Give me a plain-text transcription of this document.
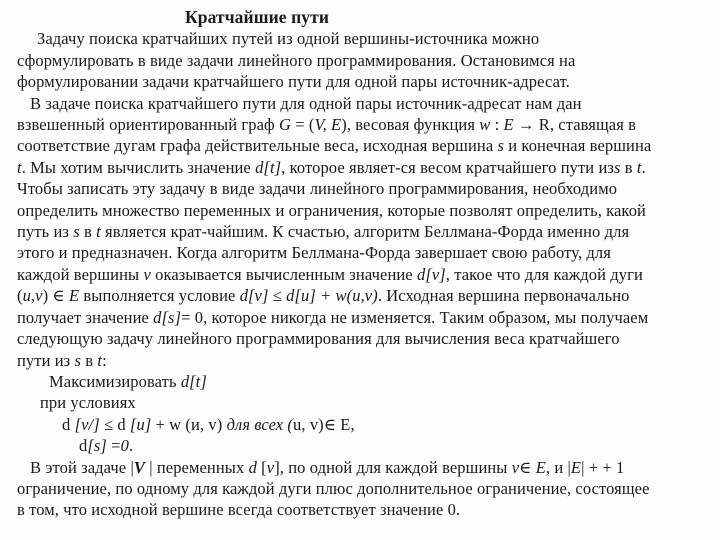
Кратчайшие пути
Задачу поиска кратчайших путей из одной вершины-источника можно
сформулировать в виде задачи линейного программирования. Остановимся на
формулировании задачи кратчайшего пути для одной пары источник-адресат.
В задаче поиска кратчайшего пути для одной пары источник-адресат нам дан
взвешенный ориентированный граф G = (V, E), весовая функция w : E → R, ставящая в
соответствие дугам графа действительные веса, исходная вершина s и конечная вершина
t. Мы хотим вычислить значение d[t], которое являет-ся весом кратчайшего пути изs в t.
Чтобы записать эту задачу в виде задачи линейного программирования, необходимо
определить множество переменных и ограничения, которые позволят определить, какой
путь из s в t является крат-чайшим. К счастью, алгоритм Беллмана-Форда именно для
этого и предназначен. Когда алгоритм Беллмана-Форда завершает свою работу, для
каждой вершины v оказывается вычисленным значение d[v], такое что для каждой дуги
(u,v) ∈ E выполняется условие d[v] ≤ d[u] + w(u,v). Исходная вершина первоначально
получает значение d[s]= 0, которое никогда не изменяется. Таким образом, мы получаем
следующую задачу линейного программирования для вычисления веса кратчайшего
пути из s в t:
Максимизировать d[t]
при условиях
d [v/] ≤ d [u] + w (и, v) для всех (u, v)∈ E,
d[s] =0.
В этой задаче |V | переменных d [v], по одной для каждой вершины v∈ E, и |E| + + 1
ограничение, по одному для каждой дуги плюс дополнительное ограничение, состоящее
в том, что исходной вершине всегда соответствует значение 0.
